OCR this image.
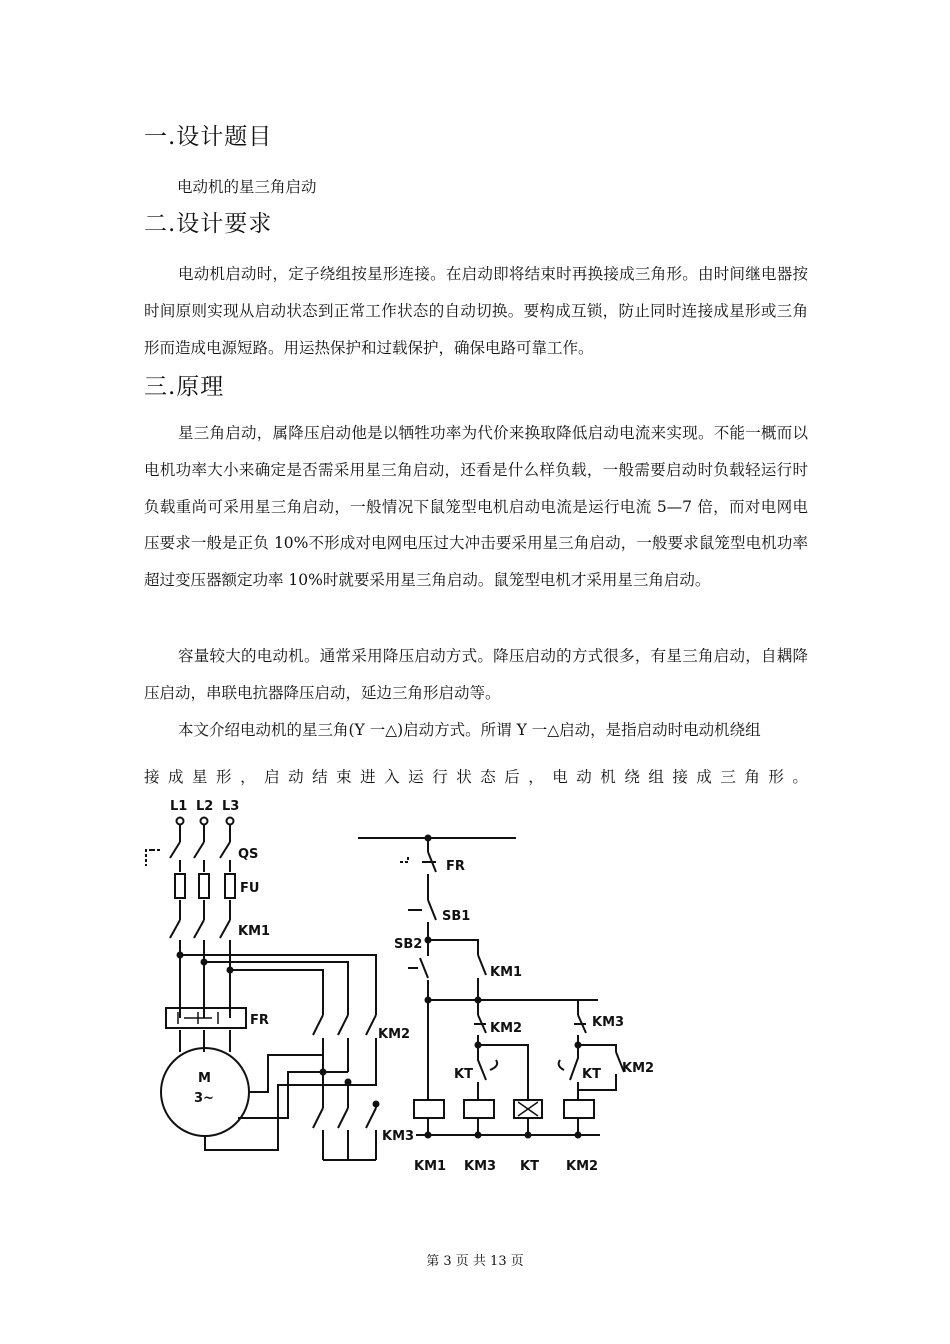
一.设计题目
电动机的星三角启动
二.设计要求

电动机启动时，定子绕组按星形连接。在启动即将结束时再换接成三角形。由时间继电器按时间原则实现从启动状态到正常工作状态的自动切换。要构成互锁，防止同时连接成星形或三角形而造成电源短路。用运热保护和过载保护，确保电路可靠工作。

三.原理

星三角启动，属降压启动他是以牺牲功率为代价来换取降低启动电流来实现。不能一概而以电机功率大小来确定是否需采用星三角启动，还看是什么样负载，一般需要启动时负载轻运行时负载重尚可采用星三角启动，一般情况下鼠笼型电机启动电流是运行电流 5—7 倍，而对电网电压要求一般是正负 10%不形成对电网电压过大冲击要采用星三角启动，一般要求鼠笼型电机功率超过变压器额定功率 10%时就要采用星三角启动。鼠笼型电机才采用星三角启动。

容量较大的电动机。通常采用降压启动方式。降压启动的方式很多，有星三角启动，自耦降压启动，串联电抗器降压启动，延边三角形启动等。

本文介绍电动机的星三角(Y 一△)启动方式。所谓 Y 一△启动，是指启动时电动机绕组

接 成 星 形 ， 启 动 结 束 进 入 运 行 状 态 后 ， 电 动 机 绕 组 接 成 三 角 形 。
L1 L2 L3
QS
FU
KM1
FR
M
3~
KM2
KM3
FR
SB1
SB2
KM1
KM2
KT
KM3
KT KM2
KM1 KM3 KT KM2
第 3 页 共 13 页
